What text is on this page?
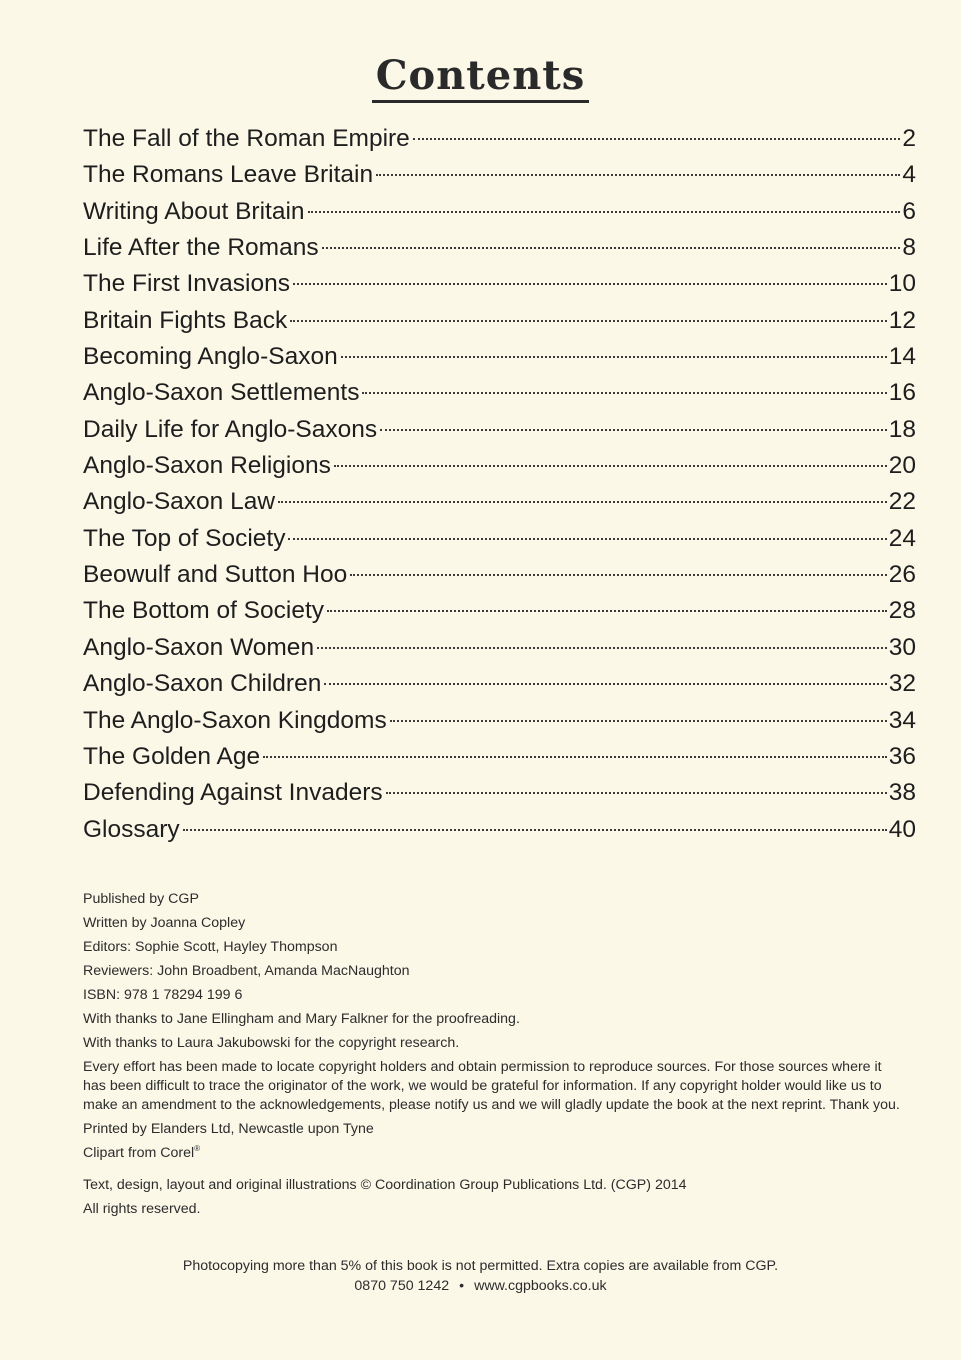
Contents
The Fall of the Roman Empire	2
The Romans Leave Britain	4
Writing About Britain	6
Life After the Romans	8
The First Invasions	10
Britain Fights Back	12
Becoming Anglo-Saxon	14
Anglo-Saxon Settlements	16
Daily Life for Anglo-Saxons	18
Anglo-Saxon Religions	20
Anglo-Saxon Law	22
The Top of Society	24
Beowulf and Sutton Hoo	26
The Bottom of Society	28
Anglo-Saxon Women	30
Anglo-Saxon Children	32
The Anglo-Saxon Kingdoms	34
The Golden Age	36
Defending Against Invaders	38
Glossary	40

Published by CGP

Written by Joanna Copley

Editors: Sophie Scott, Hayley Thompson

Reviewers: John Broadbent, Amanda MacNaughton

ISBN: 978 1 78294 199 6

With thanks to Jane Ellingham and Mary Falkner for the proofreading.

With thanks to Laura Jakubowski for the copyright research.

Every effort has been made to locate copyright holders and obtain permission to reproduce sources. For those sources where it has been difficult to trace the originator of the work, we would be grateful for information. If any copyright holder would like us to make an amendment to the acknowledgements, please notify us and we will gladly update the book at the next reprint. Thank you.

Printed by Elanders Ltd, Newcastle upon Tyne

Clipart from Corel®

Text, design, layout and original illustrations © Coordination Group Publications Ltd. (CGP) 2014

All rights reserved.

Photocopying more than 5% of this book is not permitted. Extra copies are available from CGP.

0870 750 1242 • www.cgpbooks.co.uk
